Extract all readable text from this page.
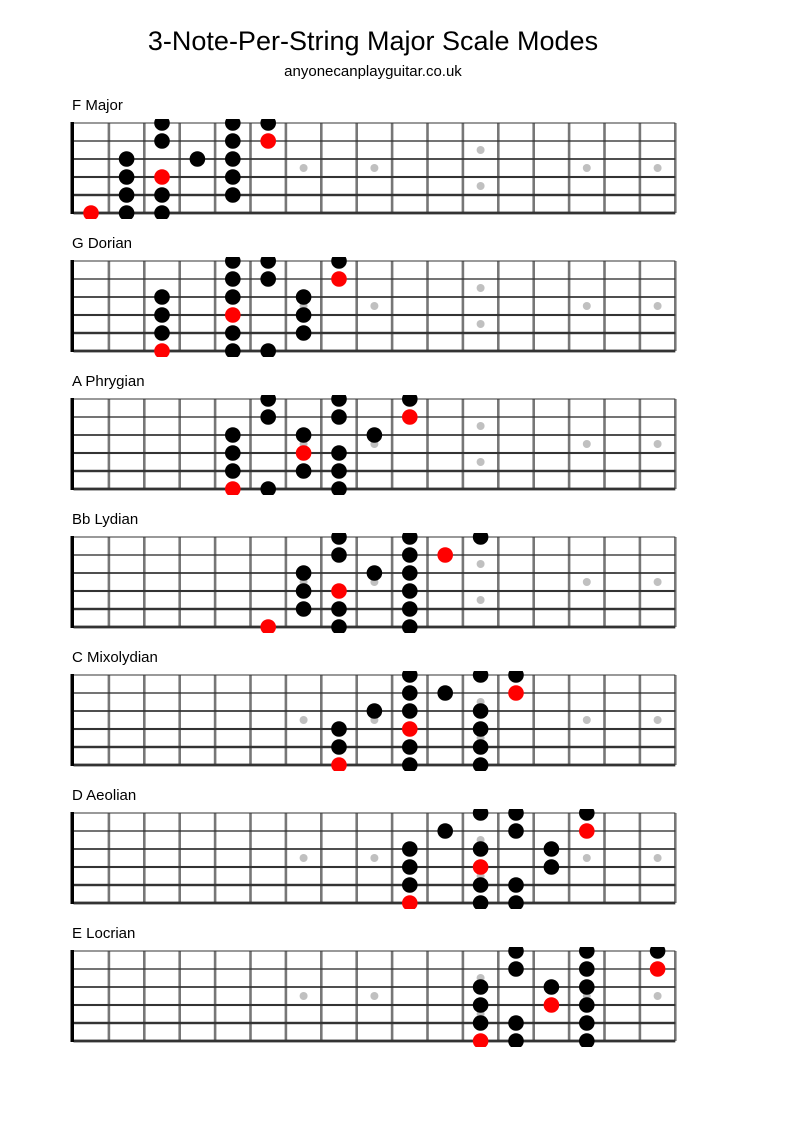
3-Note-Per-String Major Scale Modes
anyonecanplayguitar.co.uk
F Major
G Dorian
A Phrygian
Bb Lydian
C Mixolydian
D Aeolian
E Locrian
